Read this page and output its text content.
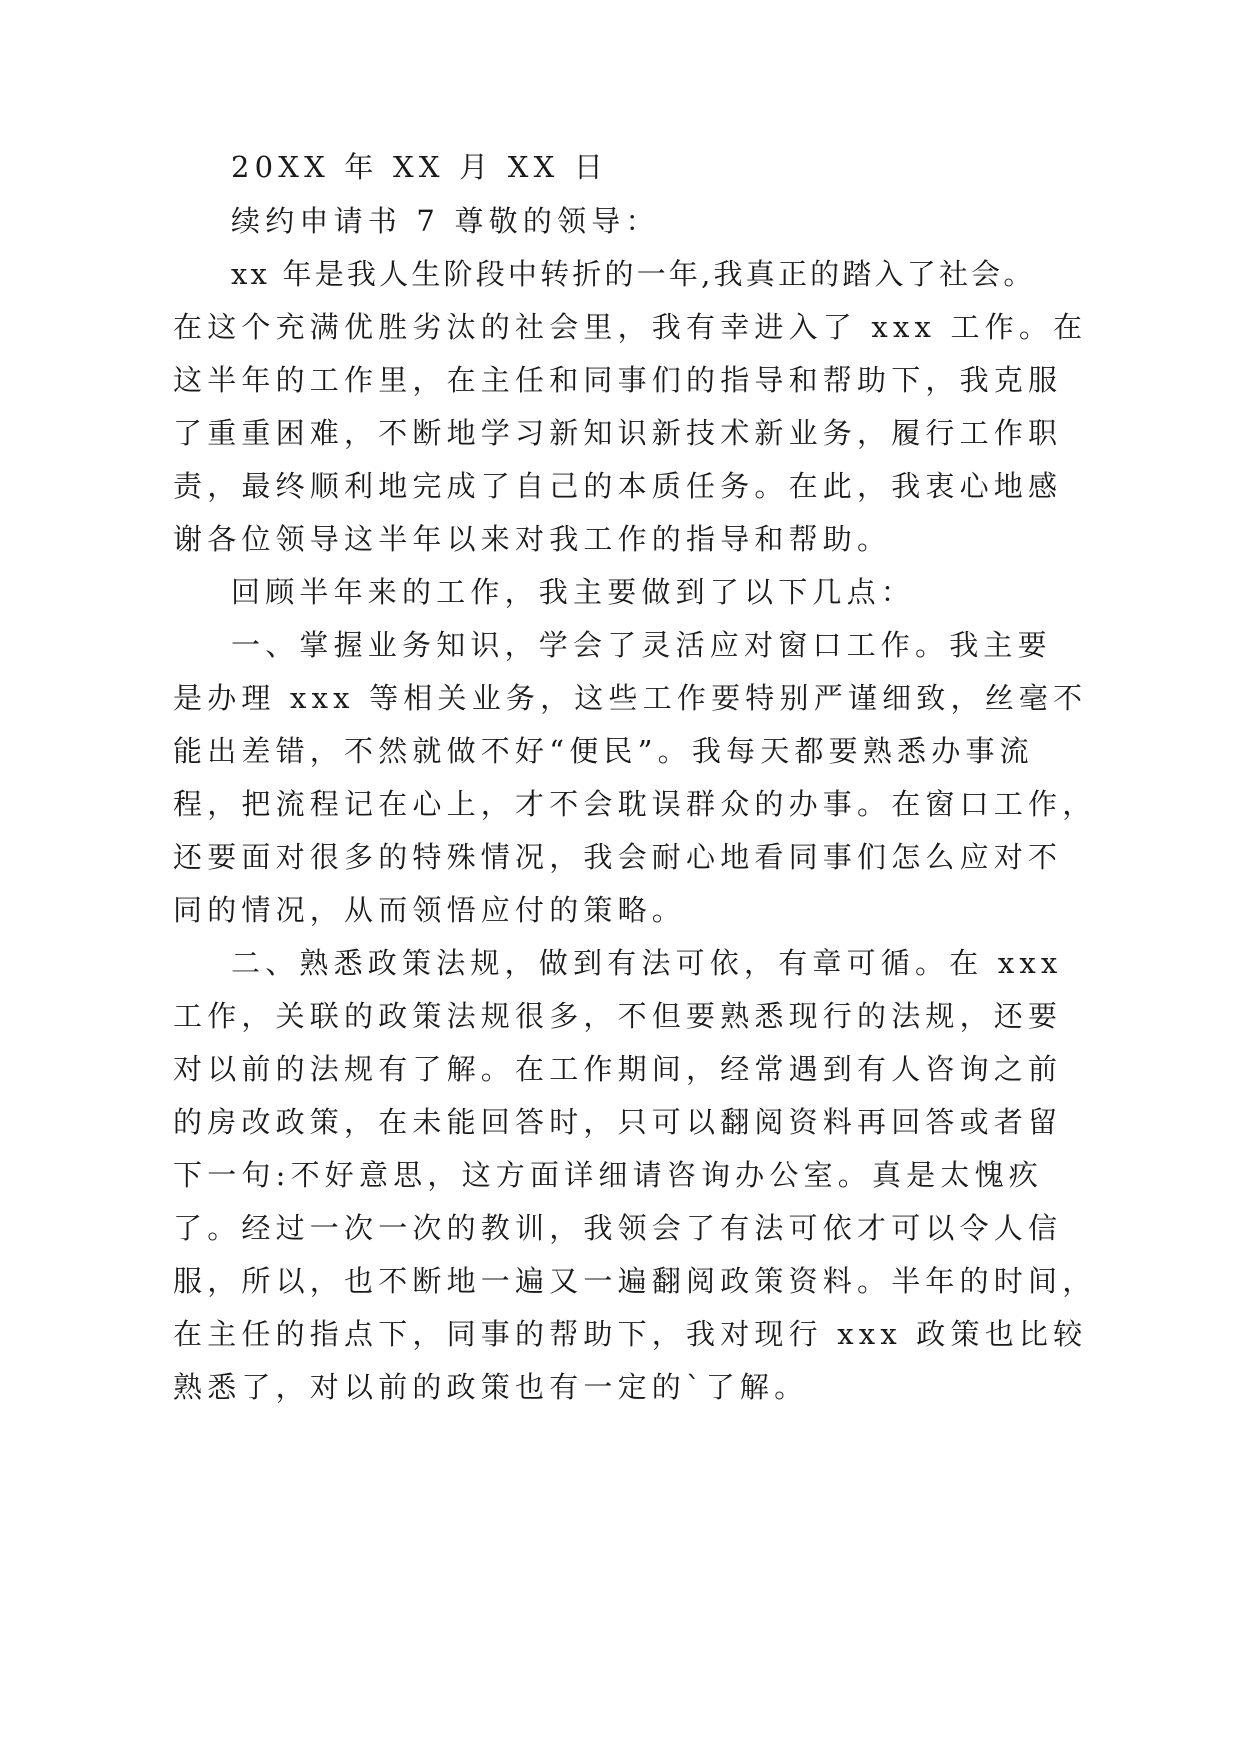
20XX 年 XX 月 XX 日
续约申请书 7 尊敬的领导：
xx 年是我人生阶段中转折的一年,我真正的踏入了社会。
在这个充满优胜劣汰的社会里，我有幸进入了 xxx 工作。在
这半年的工作里，在主任和同事们的指导和帮助下，我克服
了重重困难，不断地学习新知识新技术新业务，履行工作职
责，最终顺利地完成了自己的本质任务。在此，我衷心地感
谢各位领导这半年以来对我工作的指导和帮助。
回顾半年来的工作，我主要做到了以下几点：
一、掌握业务知识，学会了灵活应对窗口工作。我主要
是办理 xxx 等相关业务，这些工作要特别严谨细致，丝毫不
能出差错，不然就做不好“便民”。我每天都要熟悉办事流
程，把流程记在心上，才不会耽误群众的办事。在窗口工作，
还要面对很多的特殊情况，我会耐心地看同事们怎么应对不
同的情况，从而领悟应付的策略。
二、熟悉政策法规，做到有法可依，有章可循。在 xxx
工作，关联的政策法规很多，不但要熟悉现行的法规，还要
对以前的法规有了解。在工作期间，经常遇到有人咨询之前
的房改政策，在未能回答时，只可以翻阅资料再回答或者留
下一句:不好意思，这方面详细请咨询办公室。真是太愧疚
了。经过一次一次的教训，我领会了有法可依才可以令人信
服，所以，也不断地一遍又一遍翻阅政策资料。半年的时间，
在主任的指点下，同事的帮助下，我对现行 xxx 政策也比较
熟悉了，对以前的政策也有一定的`了解。
